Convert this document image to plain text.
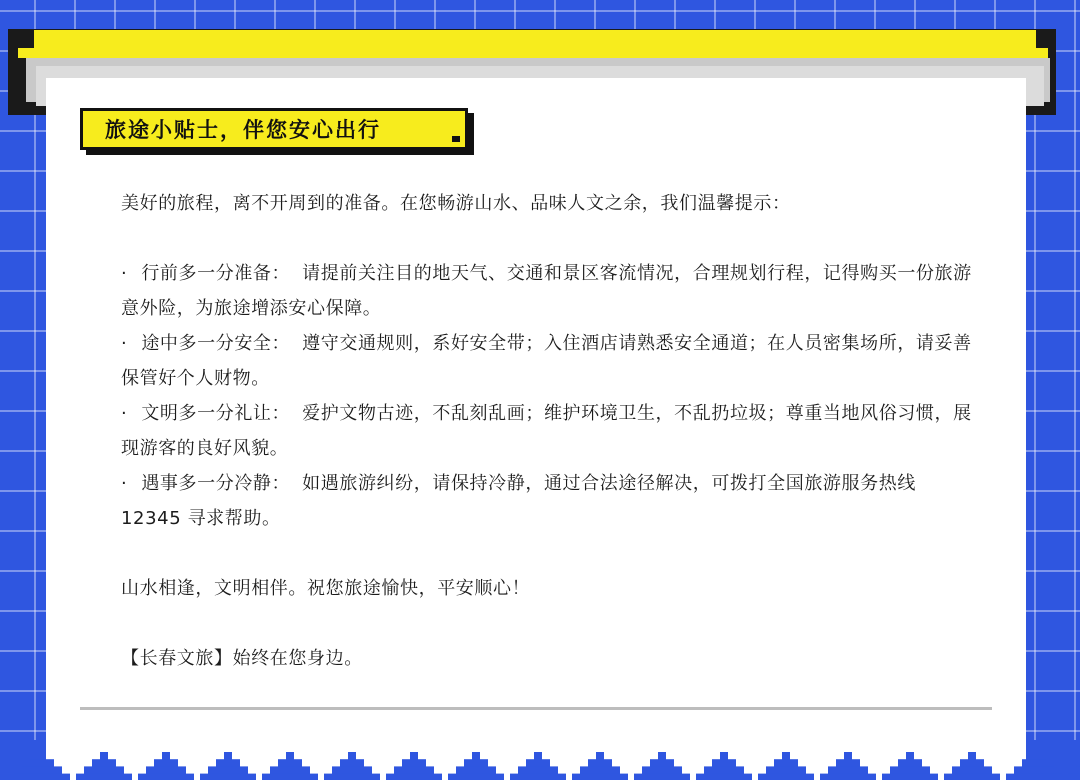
旅途小贴士，伴您安心出行

美好的旅程，离不开周到的准备。在您畅游山水、品味人文之余，我们温馨提示：

· 行前多一分准备： 请提前关注目的地天气、交通和景区客流情况，合理规划行程，记得购买一份旅游意外险，为旅途增添安心保障。

· 途中多一分安全： 遵守交通规则，系好安全带；入住酒店请熟悉安全通道；在人员密集场所，请妥善保管好个人财物。

· 文明多一分礼让： 爱护文物古迹，不乱刻乱画；维护环境卫生，不乱扔垃圾；尊重当地风俗习惯，展现游客的良好风貌。

· 遇事多一分冷静： 如遇旅游纠纷，请保持冷静，通过合法途径解决，可拨打全国旅游服务热线 12345 寻求帮助。

山水相逢，文明相伴。祝您旅途愉快，平安顺心！

【长春文旅】始终在您身边。
